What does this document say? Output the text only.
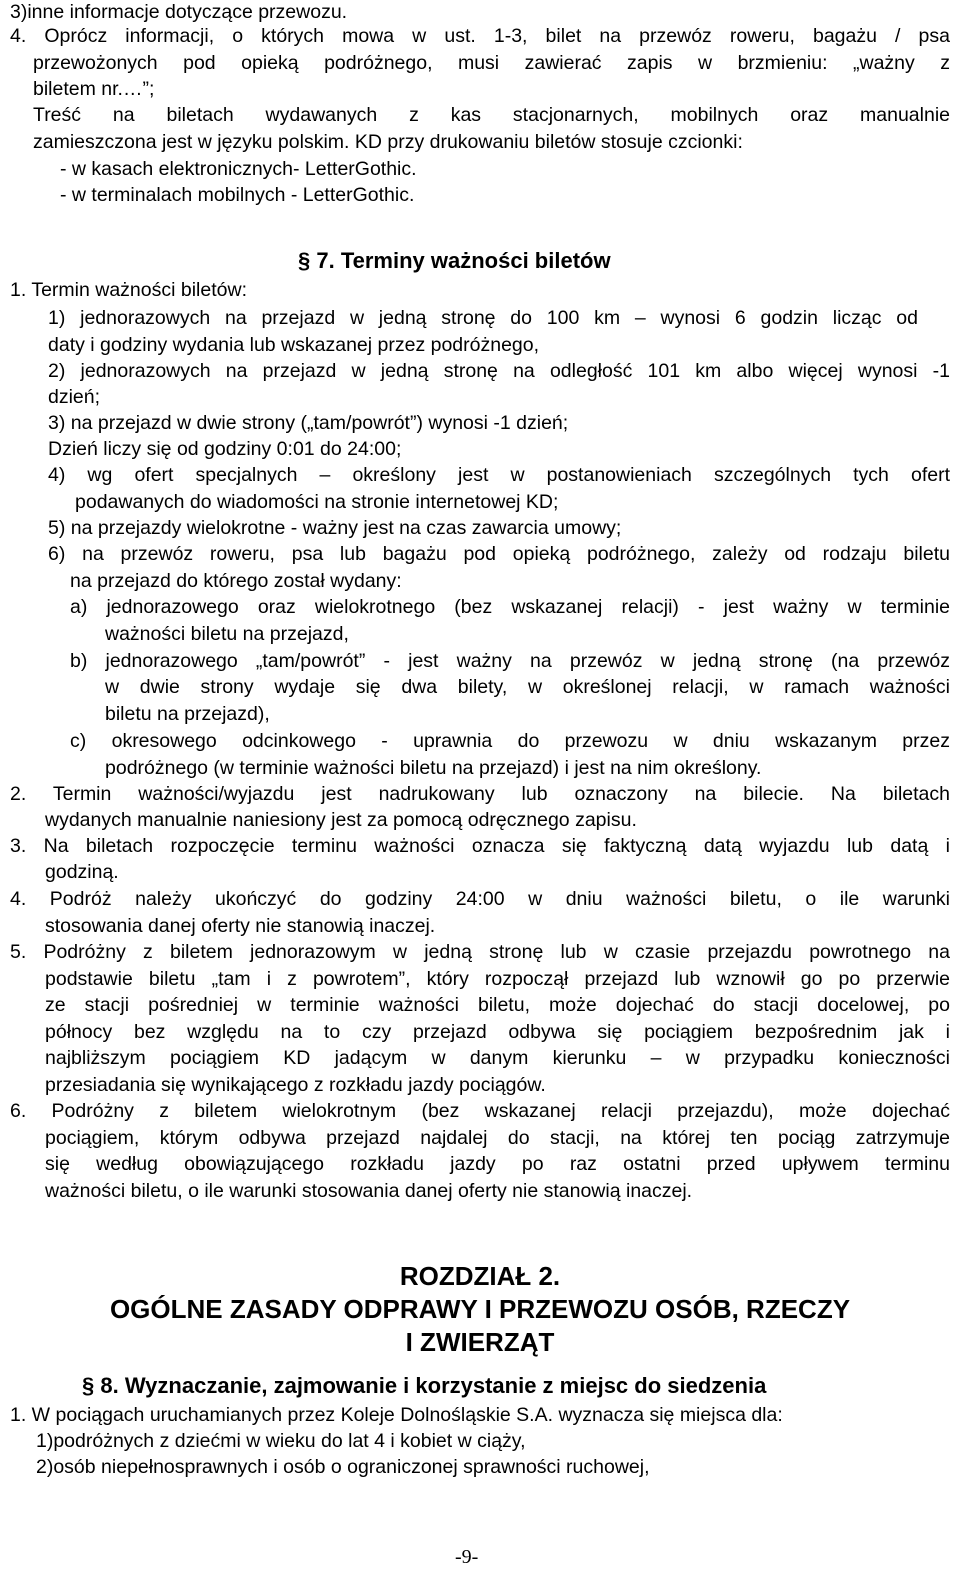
3)inne informacje dotyczące przewozu.
4. Oprócz informacji, o których mowa w ust. 1-3, bilet na przewóz roweru, bagażu / psa
przewożonych pod opieką podróżnego, musi zawierać zapis w brzmieniu: „ważny z
biletem nr.…”;
Treść na biletach wydawanych z kas stacjonarnych, mobilnych oraz manualnie
zamieszczona jest w języku polskim. KD przy drukowaniu biletów stosuje czcionki:
- w kasach elektronicznych- LetterGothic.
- w terminalach mobilnych - LetterGothic.
§ 7. Terminy ważności biletów
1. Termin ważności biletów:
1) jednorazowych na przejazd w jedną stronę do 100 km – wynosi 6 godzin licząc od
daty i godziny wydania lub wskazanej przez podróżnego,
2) jednorazowych na przejazd w jedną stronę na odległość 101 km albo więcej wynosi -1
dzień;
3) na przejazd w dwie strony („tam/powrót”) wynosi -1 dzień;
Dzień liczy się od godziny 0:01 do 24:00;
4) wg ofert specjalnych – określony jest w postanowieniach szczególnych tych ofert
podawanych do wiadomości na stronie internetowej KD;
5) na przejazdy wielokrotne - ważny jest na czas zawarcia umowy;
6) na przewóz roweru, psa lub bagażu pod opieką podróżnego, zależy od rodzaju biletu
na przejazd do którego został wydany:
a) jednorazowego oraz wielokrotnego (bez wskazanej relacji) - jest ważny w terminie
ważności biletu na przejazd,
b) jednorazowego „tam/powrót” - jest ważny na przewóz w jedną stronę (na przewóz
w dwie strony wydaje się dwa bilety, w określonej relacji, w ramach ważności
biletu na przejazd),
c) okresowego odcinkowego - uprawnia do przewozu w dniu wskazanym przez
podróżnego (w terminie ważności biletu na przejazd) i jest na nim określony.
2. Termin ważności/wyjazdu jest nadrukowany lub oznaczony na bilecie. Na biletach
wydanych manualnie naniesiony jest za pomocą odręcznego zapisu.
3. Na biletach rozpoczęcie terminu ważności oznacza się faktyczną datą wyjazdu lub datą i
godziną.
4. Podróż należy ukończyć do godziny 24:00 w dniu ważności biletu, o ile warunki
stosowania danej oferty nie stanowią inaczej.
5. Podróżny z biletem jednorazowym w jedną stronę lub w czasie przejazdu powrotnego na
podstawie biletu „tam i z powrotem”, który rozpoczął przejazd lub wznowił go po przerwie
ze stacji pośredniej w terminie ważności biletu, może dojechać do stacji docelowej, po
północy bez względu na to czy przejazd odbywa się pociągiem bezpośrednim jak i
najbliższym pociągiem KD jadącym w danym kierunku – w przypadku konieczności
przesiadania się wynikającego z rozkładu jazdy pociągów.
6. Podróżny z biletem wielokrotnym (bez wskazanej relacji przejazdu), może dojechać
pociągiem, którym odbywa przejazd najdalej do stacji, na której ten pociąg zatrzymuje
się według obowiązującego rozkładu jazdy po raz ostatni przed upływem terminu
ważności biletu, o ile warunki stosowania danej oferty nie stanowią inaczej.
ROZDZIAŁ 2.
OGÓLNE ZASADY ODPRAWY I PRZEWOZU OSÓB, RZECZY
I ZWIERZĄT
§ 8. Wyznaczanie, zajmowanie i korzystanie z miejsc do siedzenia
1. W pociągach uruchamianych przez Koleje Dolnośląskie S.A. wyznacza się miejsca dla:
1)podróżnych z dziećmi w wieku do lat 4 i kobiet w ciąży,
2)osób niepełnosprawnych i osób o ograniczonej sprawności ruchowej,
-9-
